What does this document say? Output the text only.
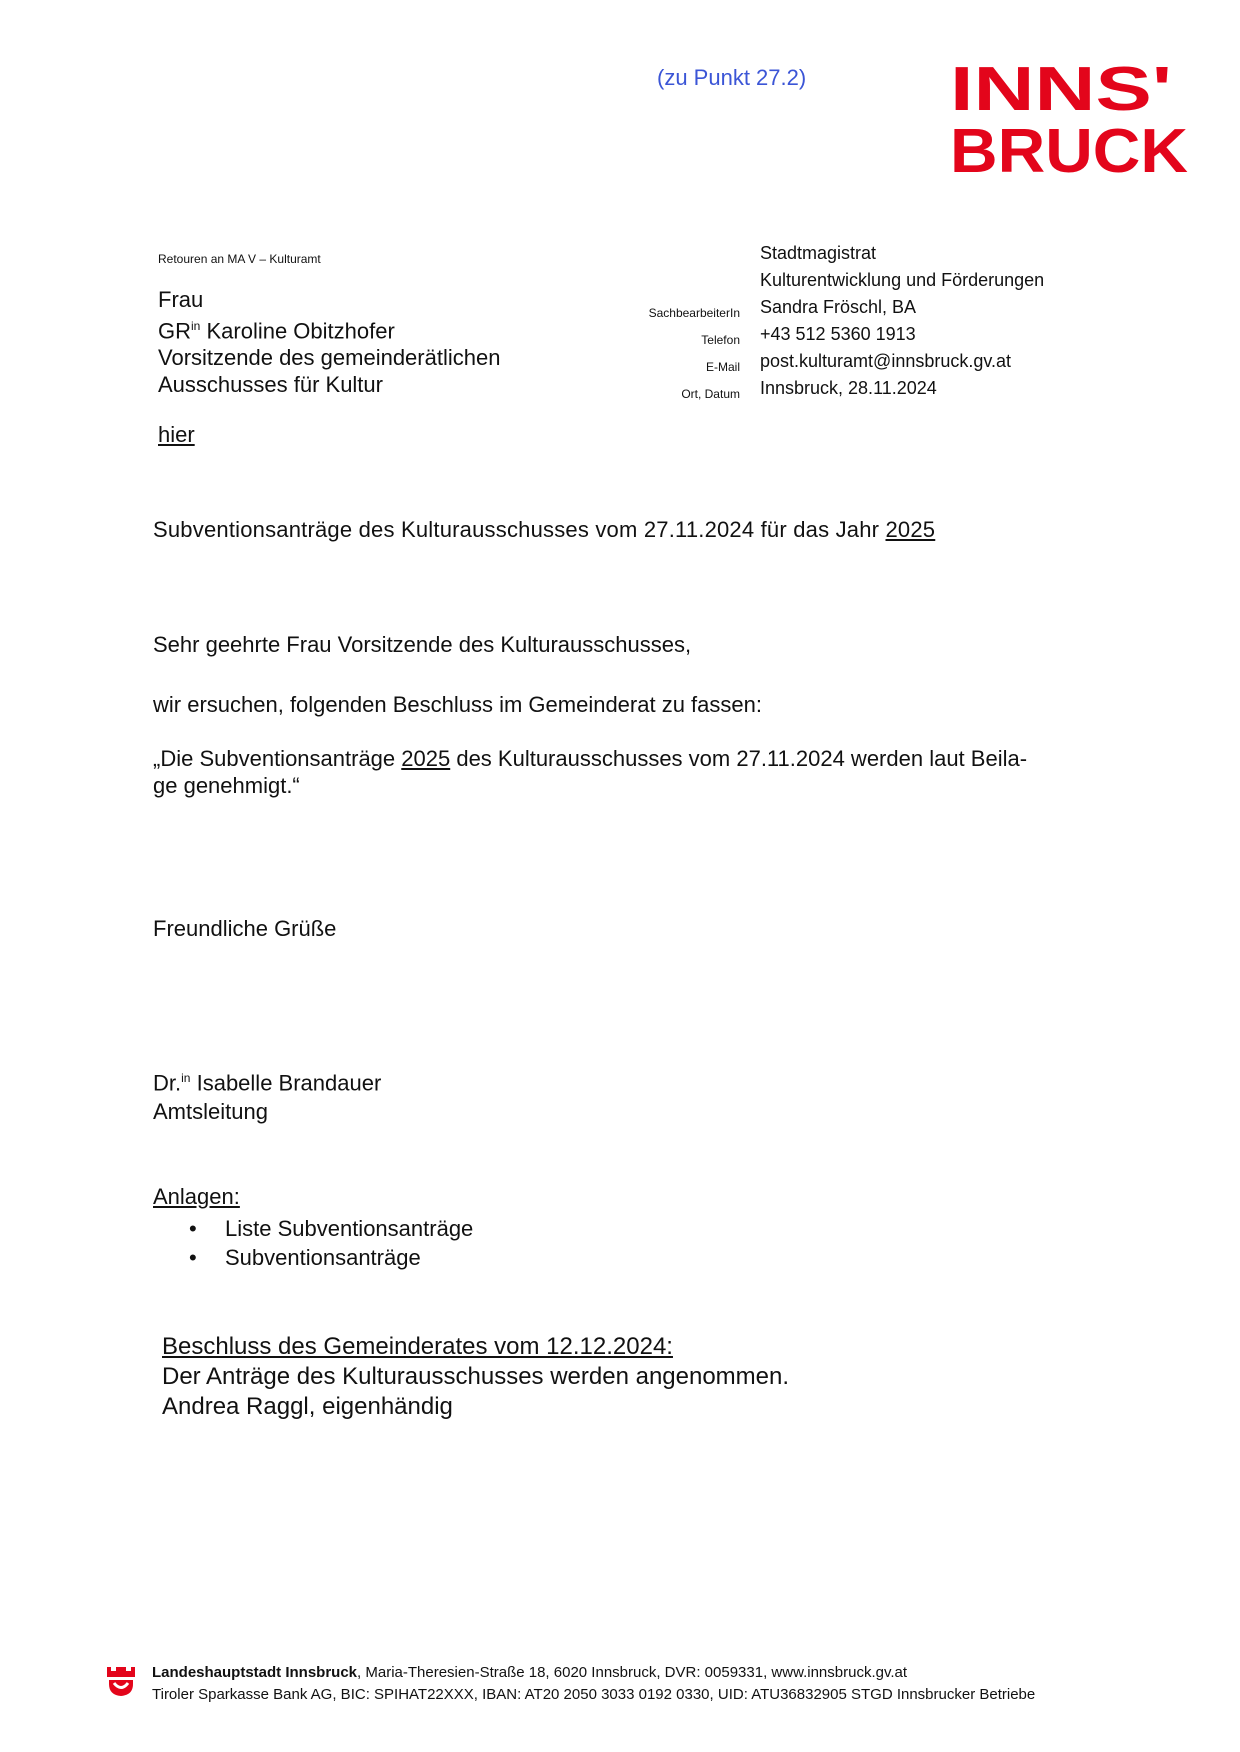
(zu Punkt 27.2) INNS'
BRUCK
Retouren an MA V – Kulturamt
Frau
$GR^{in}$ Karoline Obitzhofer
Vorsitzende des gemeinderätlichen
Ausschusses für Kultur
hier
Stadtmagistrat
Kulturentwicklung und Förderungen
SachbearbeiterIn
Telefon
E-Mail
Ort, Datum
Sandra Fröschl, BA
+43 512 5360 1913
post.kulturamt@innsbruck.gv.at
Innsbruck, 28.11.2024
Subventionsanträge des Kulturausschusses vom 27.11.2024 für das Jahr 2025
Sehr geehrte Frau Vorsitzende des Kulturausschusses,
wir ersuchen, folgenden Beschluss im Gemeinderat zu fassen:
„Die Subventionsanträge 2025 des Kulturausschusses vom 27.11.2024 werden laut Beila-
ge genehmigt.“
Freundliche Grüße
Dr.$^{in}$ Isabelle Brandauer
Amtsleitung
Anlagen:
• Liste Subventionsanträge
• Subventionsanträge
Beschluss des Gemeinderates vom 12.12.2024:
Der Anträge des Kulturausschusses werden angenommen.
Andrea Raggl, eigenhändig
Landeshauptstadt Innsbruck, Maria-Theresien-Straße 18, 6020 Innsbruck, DVR: 0059331, www.innsbruck.gv.at
Tiroler Sparkasse Bank AG, BIC: SPIHAT22XXX, IBAN: AT20 2050 3033 0192 0330, UID: ATU36832905 STGD Innsbrucker Betriebe
